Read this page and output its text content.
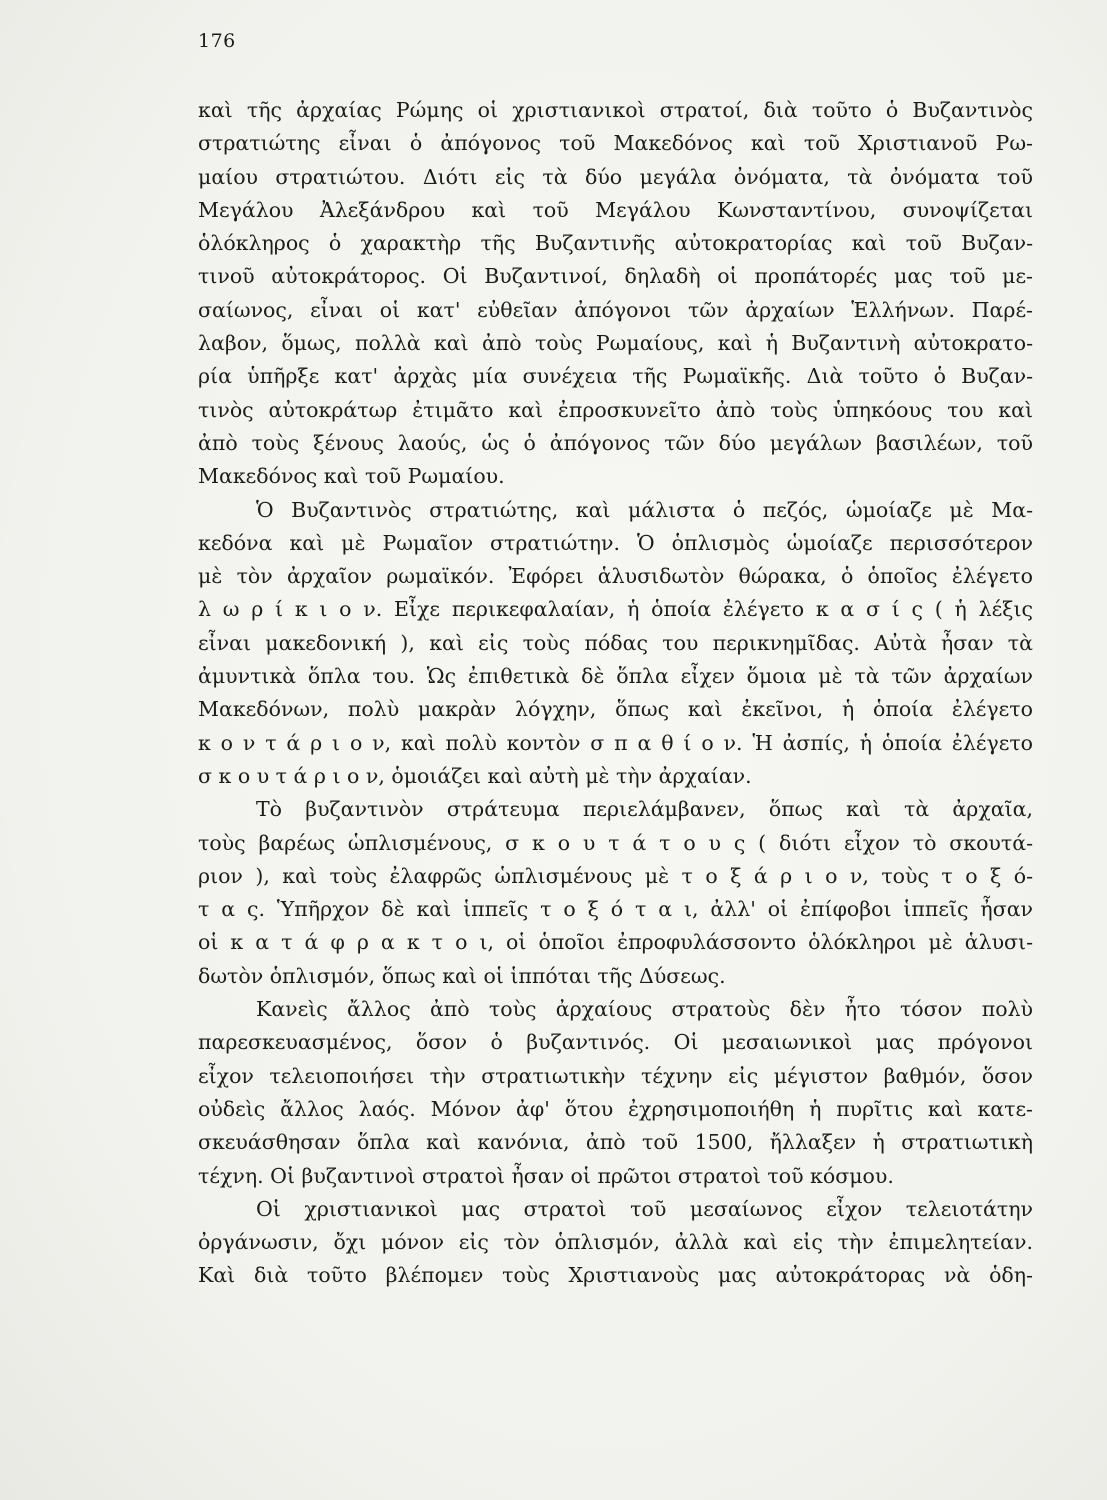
176
καὶ τῆς ἀρχαίας Ρώμης οἱ χριστιανικοὶ στρατοί, διὰ τοῦτο ὁ Βυζαντινὸς
στρατιώτης εἶναι ὁ ἀπόγονος τοῦ Μακεδόνος καὶ τοῦ Χριστιανοῦ Ρω-
μαίου στρατιώτου. Διότι εἰς τὰ δύο μεγάλα ὀνόματα, τὰ ὀνόματα τοῦ
Μεγάλου Ἀλεξάνδρου καὶ τοῦ Μεγάλου Κωνσταντίνου, συνοψίζεται
ὁλόκληρος ὁ χαρακτὴρ τῆς Βυζαντινῆς αὐτοκρατορίας καὶ τοῦ Βυζαν-
τινοῦ αὐτοκράτορος. Οἱ Βυζαντινοί, δηλαδὴ οἱ προπάτορές μας τοῦ με-
σαίωνος, εἶναι οἱ κατ' εὐθεῖαν ἀπόγονοι τῶν ἀρχαίων Ἑλλήνων. Παρέ-
λαβον, ὅμως, πολλὰ καὶ ἀπὸ τοὺς Ρωμαίους, καὶ ἡ Βυζαντινὴ αὐτοκρατο-
ρία ὑπῆρξε κατ' ἀρχὰς μία συνέχεια τῆς Ρωμαϊκῆς. Διὰ τοῦτο ὁ Βυζαν-
τινὸς αὐτοκράτωρ ἐτιμᾶτο καὶ ἐπροσκυνεῖτο ἀπὸ τοὺς ὑπηκόους του καὶ
ἀπὸ τοὺς ξένους λαούς, ὡς ὁ ἀπόγονος τῶν δύο μεγάλων βασιλέων, τοῦ
Μακεδόνος καὶ τοῦ Ρωμαίου.
Ὁ Βυζαντινὸς στρατιώτης, καὶ μάλιστα ὁ πεζός, ὡμοίαζε μὲ Μα-
κεδόνα καὶ μὲ Ρωμαῖον στρατιώτην. Ὁ ὁπλισμὸς ὡμοίαζε περισσότερον
μὲ τὸν ἀρχαῖον ρωμαϊκόν. Ἐφόρει ἁλυσιδωτὸν θώρακα, ὁ ὁποῖος ἐλέγετο
λ ω ρ ί κ ι ο ν. Εἶχε περικεφαλαίαν, ἡ ὁποία ἐλέγετο κ α σ ί ς ( ἡ λέξις
εἶναι μακεδονική ), καὶ εἰς τοὺς πόδας του περικνημῖδας. Αὐτὰ ἦσαν τὰ
ἀμυντικὰ ὅπλα του. Ὡς ἐπιθετικὰ δὲ ὅπλα εἶχεν ὅμοια μὲ τὰ τῶν ἀρχαίων
Μακεδόνων, πολὺ μακρὰν λόγχην, ὅπως καὶ ἐκεῖνοι, ἡ ὁποία ἐλέγετο
κ ο ν τ ά ρ ι ο ν, καὶ πολὺ κοντὸν σ π α θ ί ο ν. Ἡ ἀσπίς, ἡ ὁποία ἐλέγετο
σ κ ο υ τ ά ρ ι ο ν, ὁμοιάζει καὶ αὐτὴ μὲ τὴν ἀρχαίαν.
Τὸ βυζαντινὸν στράτευμα περιελάμβανεν, ὅπως καὶ τὰ ἀρχαῖα,
τοὺς βαρέως ὡπλισμένους, σ κ ο υ τ ά τ ο υ ς ( διότι εἶχον τὸ σκουτά-
ριον ), καὶ τοὺς ἐλαφρῶς ὡπλισμένους μὲ τ ο ξ ά ρ ι ο ν, τοὺς τ ο ξ ό-
τ α ς. Ὑπῆρχον δὲ καὶ ἱππεῖς τ ο ξ ό τ α ι, ἀλλ' οἱ ἐπίφοβοι ἱππεῖς ἦσαν
οἱ κ α τ ά φ ρ α κ τ ο ι, οἱ ὁποῖοι ἐπροφυλάσσοντο ὁλόκληροι μὲ ἁλυσι-
δωτὸν ὁπλισμόν, ὅπως καὶ οἱ ἱππόται τῆς Δύσεως.
Κανεὶς ἄλλος ἀπὸ τοὺς ἀρχαίους στρατοὺς δὲν ἦτο τόσον πολὺ
παρεσκευασμένος, ὅσον ὁ βυζαντινός. Οἱ μεσαιωνικοὶ μας πρόγονοι
εἶχον τελειοποιήσει τὴν στρατιωτικὴν τέχνην εἰς μέγιστον βαθμόν, ὅσον
οὐδεὶς ἄλλος λαός. Μόνον ἀφ' ὅτου ἐχρησιμοποιήθη ἡ πυρῖτις καὶ κατε-
σκευάσθησαν ὅπλα καὶ κανόνια, ἀπὸ τοῦ 1500, ἤλλαξεν ἡ στρατιωτικὴ
τέχνη. Οἱ βυζαντινοὶ στρατοὶ ἦσαν οἱ πρῶτοι στρατοὶ τοῦ κόσμου.
Οἱ χριστιανικοὶ μας στρατοὶ τοῦ μεσαίωνος εἶχον τελειοτάτην
ὀργάνωσιν, ὄχι μόνον εἰς τὸν ὁπλισμόν, ἀλλὰ καὶ εἰς τὴν ἐπιμελητείαν.
Καὶ διὰ τοῦτο βλέπομεν τοὺς Χριστιανοὺς μας αὐτοκράτορας νὰ ὁδη-
